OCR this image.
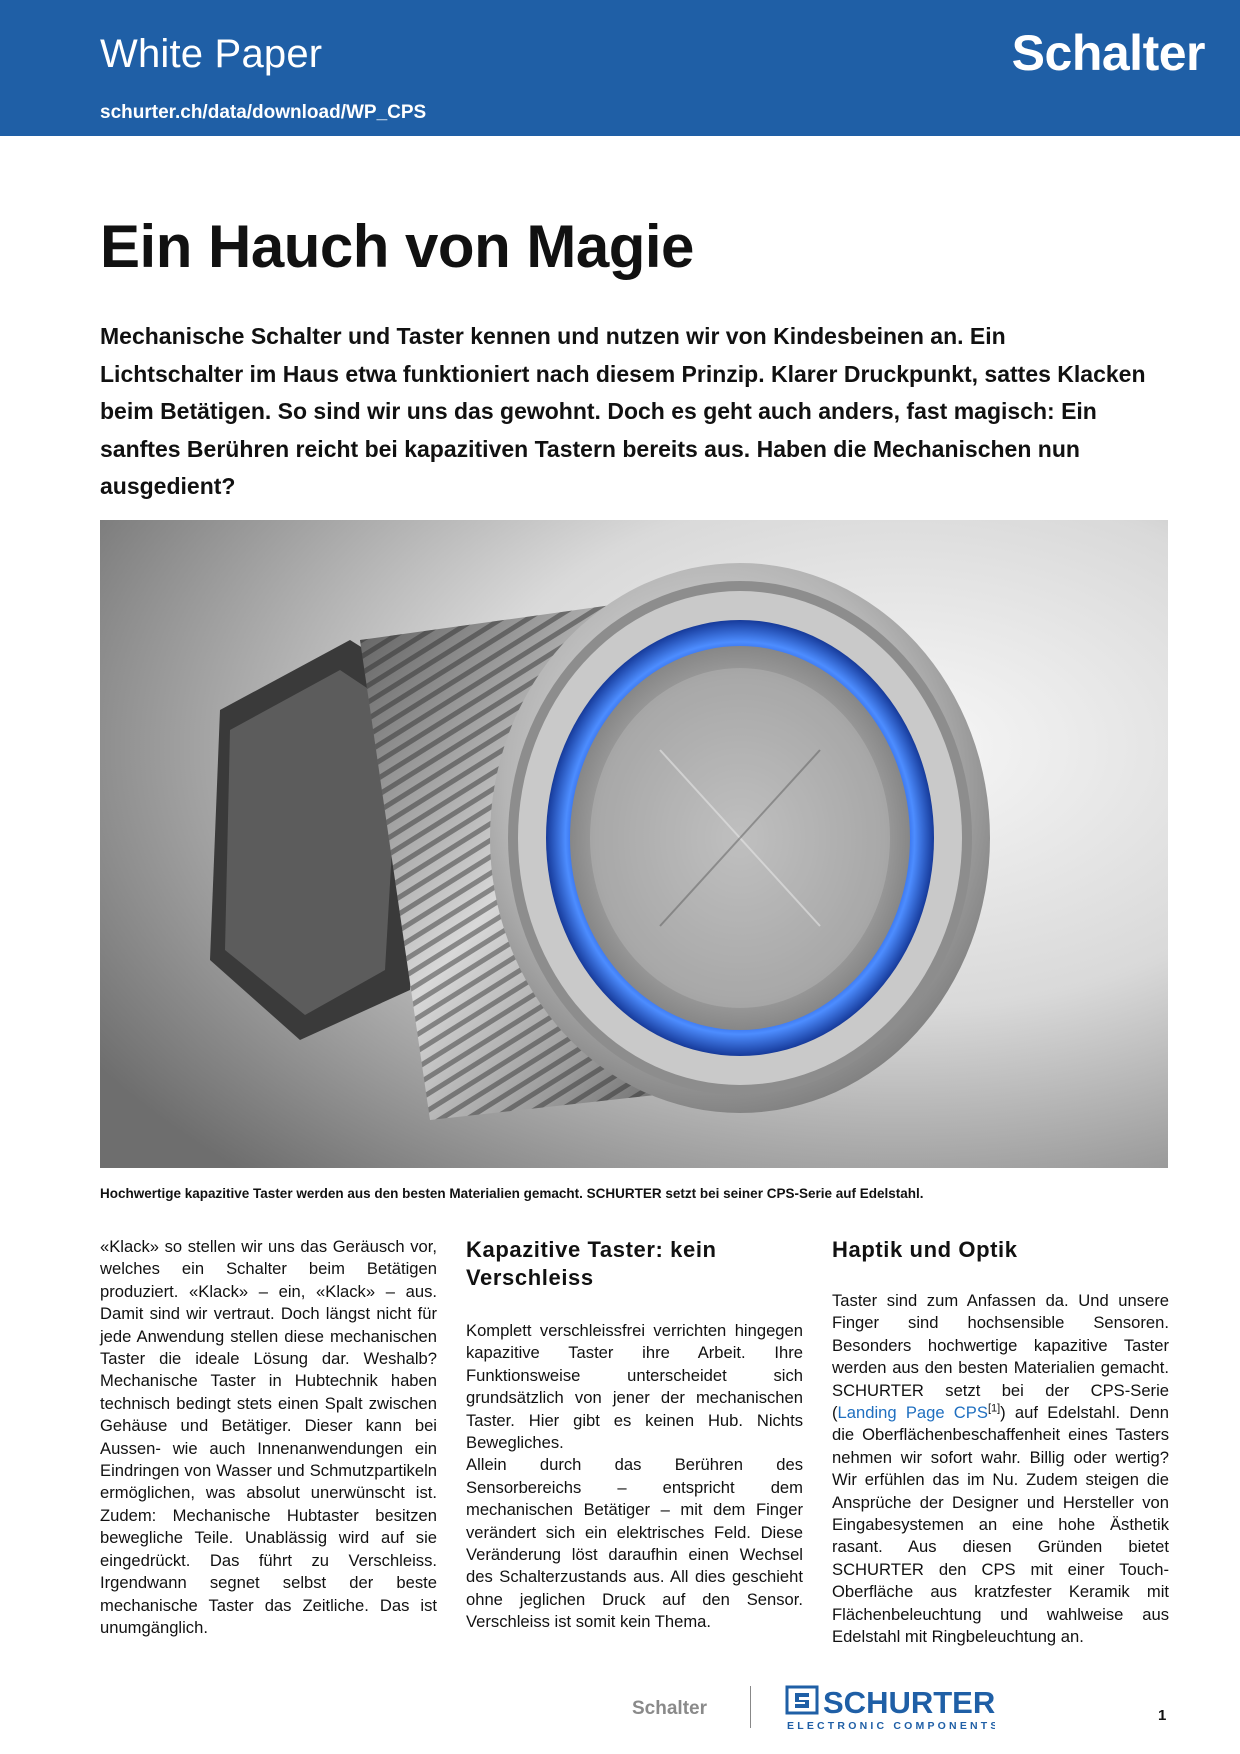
White Paper
schurter.ch/data/download/WP_CPS
Schalter
Ein Hauch von Magie
Mechanische Schalter und Taster kennen und nutzen wir von Kindesbeinen an. Ein Lichtschalter im Haus etwa funktioniert nach diesem Prinzip. Klarer Druckpunkt, sattes Klacken beim Betätigen. So sind wir uns das gewohnt. Doch es geht auch anders, fast magisch: Ein sanftes Berühren reicht bei kapazitiven Tastern bereits aus. Haben die Mechanischen nun ausgedient?
Hochwertige kapazitive Taster werden aus den besten Materialien gemacht. SCHURTER setzt bei seiner CPS-Serie auf Edelstahl.

«Klack» so stellen wir uns das Geräusch vor, welches ein Schalter beim Betätigen produziert. «Klack» – ein, «Klack» – aus. Damit sind wir vertraut. Doch längst nicht für jede Anwendung stellen diese mechanischen Taster die ideale Lösung dar. Weshalb? Mechanische Taster in Hubtechnik haben technisch bedingt stets einen Spalt zwischen Gehäuse und Betätiger. Dieser kann bei Aussen- wie auch Innenanwendungen ein Eindringen von Wasser und Schmutzpartikeln ermöglichen, was absolut unerwünscht ist. Zudem: Mechanische Hubtaster besitzen bewegliche Teile. Unablässig wird auf sie eingedrückt. Das führt zu Verschleiss. Irgendwann segnet selbst der beste mechanische Taster das Zeitliche. Das ist unumgänglich.

Kapazitive Taster: kein Verschleiss

Komplett verschleissfrei verrichten hingegen kapazitive Taster ihre Arbeit. Ihre Funktionsweise unterscheidet sich grundsätzlich von jener der mechanischen Taster. Hier gibt es keinen Hub. Nichts Bewegliches.

Allein durch das Berühren des Sensorbereichs – entspricht dem mechanischen Betätiger – mit dem Finger verändert sich ein elektrisches Feld. Diese Veränderung löst daraufhin einen Wechsel des Schalterzustands aus. All dies geschieht ohne jeglichen Druck auf den Sensor. Verschleiss ist somit kein Thema.

Haptik und Optik

Taster sind zum Anfassen da. Und unsere Finger sind hochsensible Sensoren. Besonders hochwertige kapazitive Taster werden aus den besten Materialien gemacht. SCHURTER setzt bei der CPS-Serie (Landing Page CPS[1]) auf Edelstahl. Denn die Oberflächenbeschaffenheit eines Tasters nehmen wir sofort wahr. Billig oder wertig? Wir erfühlen das im Nu. Zudem steigen die Ansprüche der Designer und Hersteller von Eingabesystemen an eine hohe Ästhetik rasant. Aus diesen Gründen bietet SCHURTER den CPS mit einer Touch-Oberfläche aus kratzfester Keramik mit Flächenbeleuchtung und wahlweise aus Edelstahl mit Ringbeleuchtung an.

Schalter	SCHURTER
ELECTRONIC COMPONENTS
1
